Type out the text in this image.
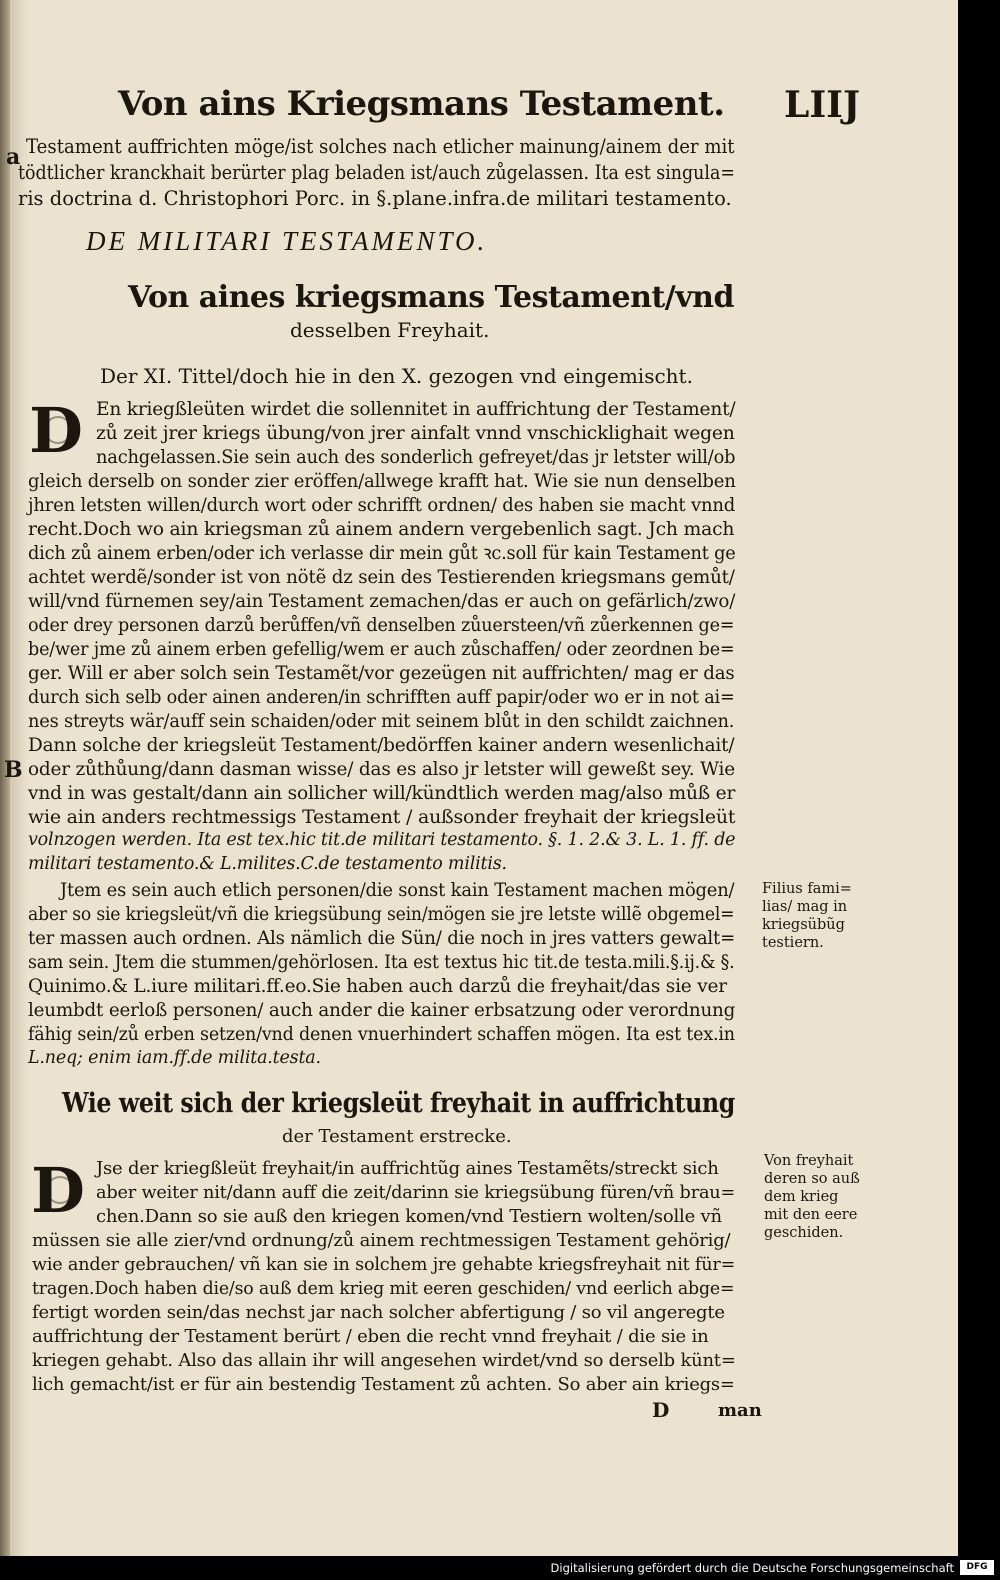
Von ains Kriegsmans Testament. LIIJ
a Testament auffrichten möge/ist solches nach etlicher mainung/ainem der mit
tödtlicher kranckhait berürter plag beladen ist/auch zůgelassen. Ita est singula=
ris doctrina d. Christophori Porc. in §.plane.infra.de militari testamento.
DE MILITARI TESTAMENTO.
Von aines kriegsmans Testament/vnd
desselben Freyhait.
Der XI. Tittel/doch hie in den X. gezogen vnd eingemischt.
D En kriegßleüten wirdet die sollennitet in auffrichtung der Testament/
zů zeit jrer kriegs übung/von jrer ainfalt vnnd vnschicklighait wegen
nachgelassen.Sie sein auch des sonderlich gefreyet/das jr letster will/ob
gleich derselb on sonder zier eröffen/allwege krafft hat. Wie sie nun denselben
jhren letsten willen/durch wort oder schrifft ordnen/ des haben sie macht vnnd
recht.Doch wo ain kriegsman zů ainem andern vergebenlich sagt. Jch mach
dich zů ainem erben/oder ich verlasse dir mein gůt ꝛc.soll für kain Testament ge
achtet werdẽ/sonder ist von nötẽ dz sein des Testierenden kriegsmans gemůt/
will/vnd fürnemen sey/ain Testament zemachen/das er auch on gefärlich/zwo/
oder drey personen darzů berůffen/vñ denselben zůuersteen/vñ zůerkennen ge=
be/wer jme zů ainem erben gefellig/wem er auch zůschaffen/ oder zeordnen be=
ger. Will er aber solch sein Testamẽt/vor gezeügen nit auffrichten/ mag er das
durch sich selb oder ainen anderen/in schrifften auff papir/oder wo er in not ai=
nes streyts wär/auff sein schaiden/oder mit seinem blůt in den schildt zaichnen.
Dann solche der kriegsleüt Testament/bedörffen kainer andern wesenlichait/
B oder zůthůung/dann dasman wisse/ das es also jr letster will geweßt sey. Wie
vnd in was gestalt/dann ain sollicher will/kündtlich werden mag/also můß er
wie ain anders rechtmessigs Testament / außsonder freyhait der kriegsleüt
volnzogen werden. Ita est tex.hic tit.de militari testamento. §. 1. 2.& 3. L. 1. ff. de
militari testamento.& L.milites.C.de testamento militis.
Jtem es sein auch etlich personen/die sonst kain Testament machen mögen/
aber so sie kriegsleüt/vñ die kriegsübung sein/mögen sie jre letste willẽ obgemel=
ter massen auch ordnen. Als nämlich die Sün/ die noch in jres vatters gewalt=
sam sein. Jtem die stummen/gehörlosen. Ita est textus hic tit.de testa.mili.§.ij.& §.
Quinimo.& L.iure militari.ff.eo.Sie haben auch darzů die freyhait/das sie ver
leumbdt eerloß personen/ auch ander die kainer erbsatzung oder verordnung
fähig sein/zů erben setzen/vnd denen vnuerhindert schaffen mögen. Ita est tex.in
L.neq; enim iam.ff.de milita.testa.
Filius fami=
lias/ mag in
kriegsübũg
testiern.
Wie weit sich der kriegsleüt freyhait in auffrichtung
der Testament erstrecke.
D Jse der kriegßleüt freyhait/in auffrichtũg aines Testamẽts/streckt sich
aber weiter nit/dann auff die zeit/darinn sie kriegsübung füren/vñ brau=
chen.Dann so sie auß den kriegen komen/vnd Testiern wolten/solle vñ
müssen sie alle zier/vnd ordnung/zů ainem rechtmessigen Testament gehörig/
wie ander gebrauchen/ vñ kan sie in solchem jre gehabte kriegsfreyhait nit für=
tragen.Doch haben die/so auß dem krieg mit eeren geschiden/ vnd eerlich abge=
fertigt worden sein/das nechst jar nach solcher abfertigung / so vil angeregte
auffrichtung der Testament berürt / eben die recht vnnd freyhait / die sie in
kriegen gehabt. Also das allain ihr will angesehen wirdet/vnd so derselb künt=
lich gemacht/ist er für ain bestendig Testament zů achten. So aber ain kriegs=
Von freyhait
deren so auß
dem krieg
mit den eere
geschiden.
D	man
Digitalisierung gefördert durch die Deutsche Forschungsgemeinschaft	DFG
